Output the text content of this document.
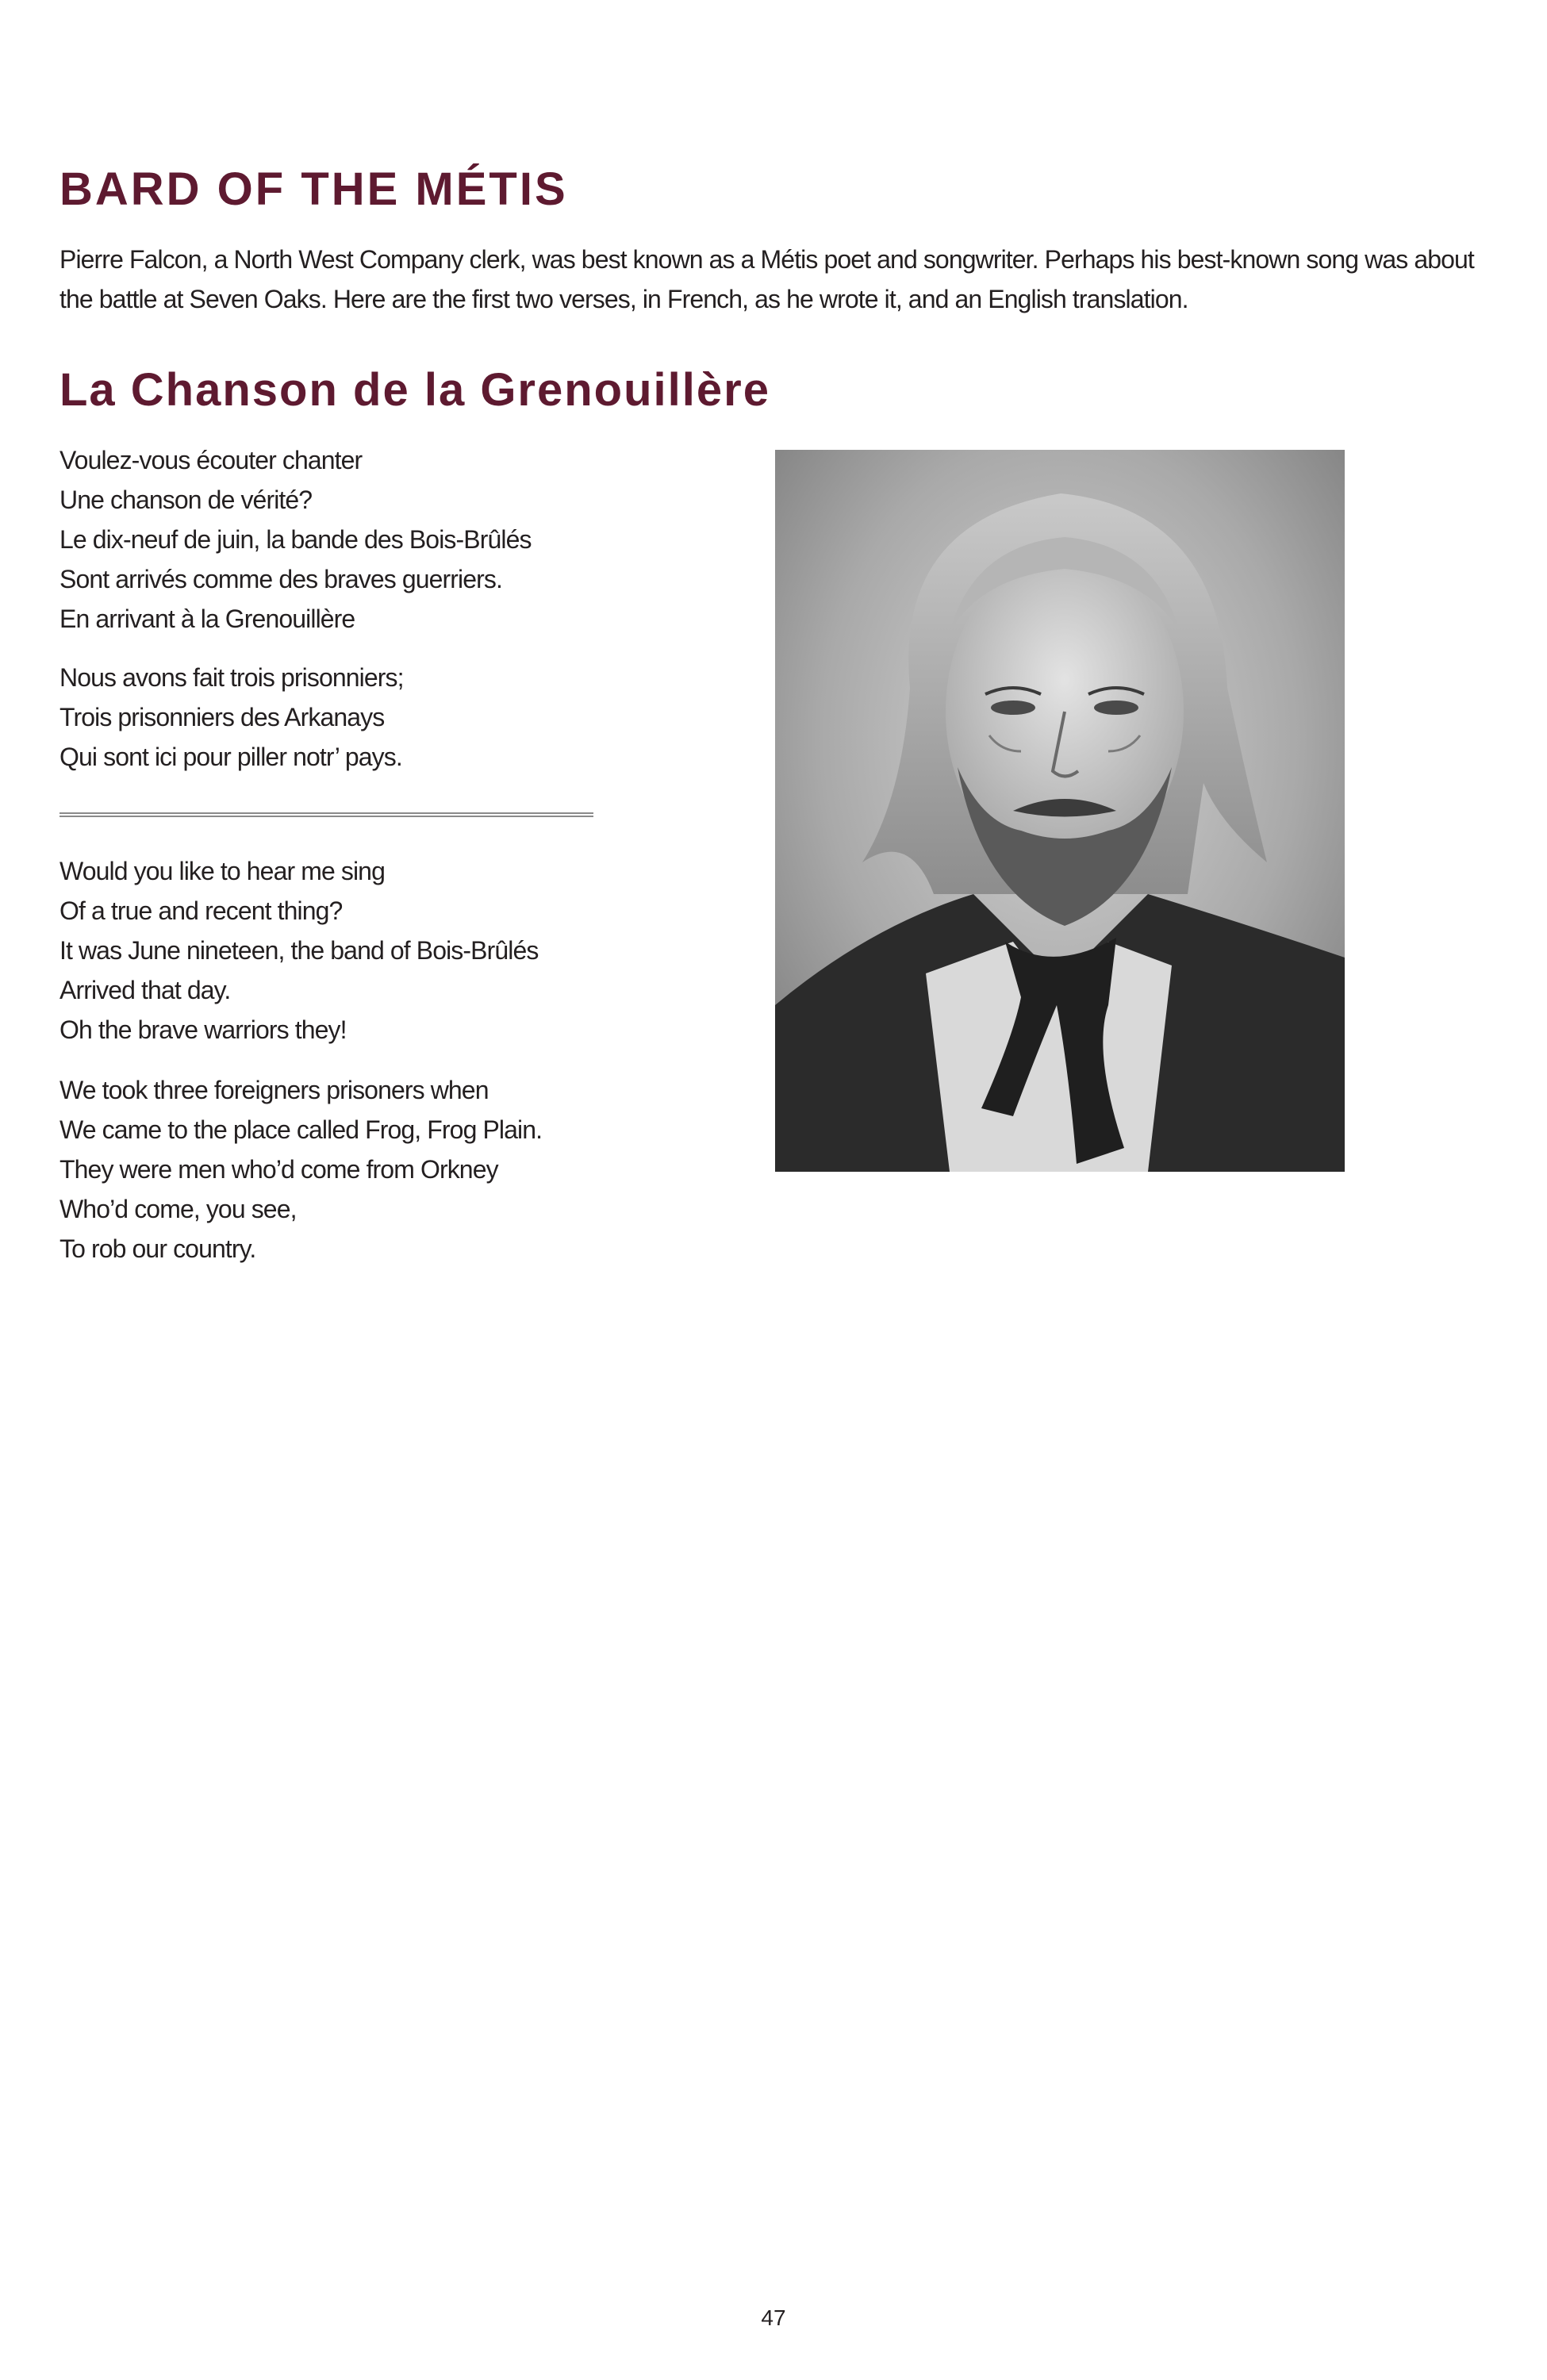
BARD OF THE MÉTIS

Pierre Falcon, a North West Company clerk, was best known as a Métis poet and songwriter. Perhaps his best-known song was about the battle at Seven Oaks. Here are the first two verses, in French, as he wrote it, and an English translation.

La Chanson de la Grenouillère
Voulez-vous écouter chanter
Une chanson de vérité?
Le dix-neuf de juin, la bande des Bois-Brûlés
Sont arrivés comme des braves guerriers.
En arrivant à la Grenouillère
Nous avons fait trois prisonniers;
Trois prisonniers des Arkanays
Qui sont ici pour piller notr’ pays.
Would you like to hear me sing
Of a true and recent thing?
It was June nineteen, the band of Bois-Brûlés
Arrived that day.
Oh the brave warriors they!
We took three foreigners prisoners when
We came to the place called Frog, Frog Plain.
They were men who’d come from Orkney
Who’d come, you see,
To rob our country.
47
